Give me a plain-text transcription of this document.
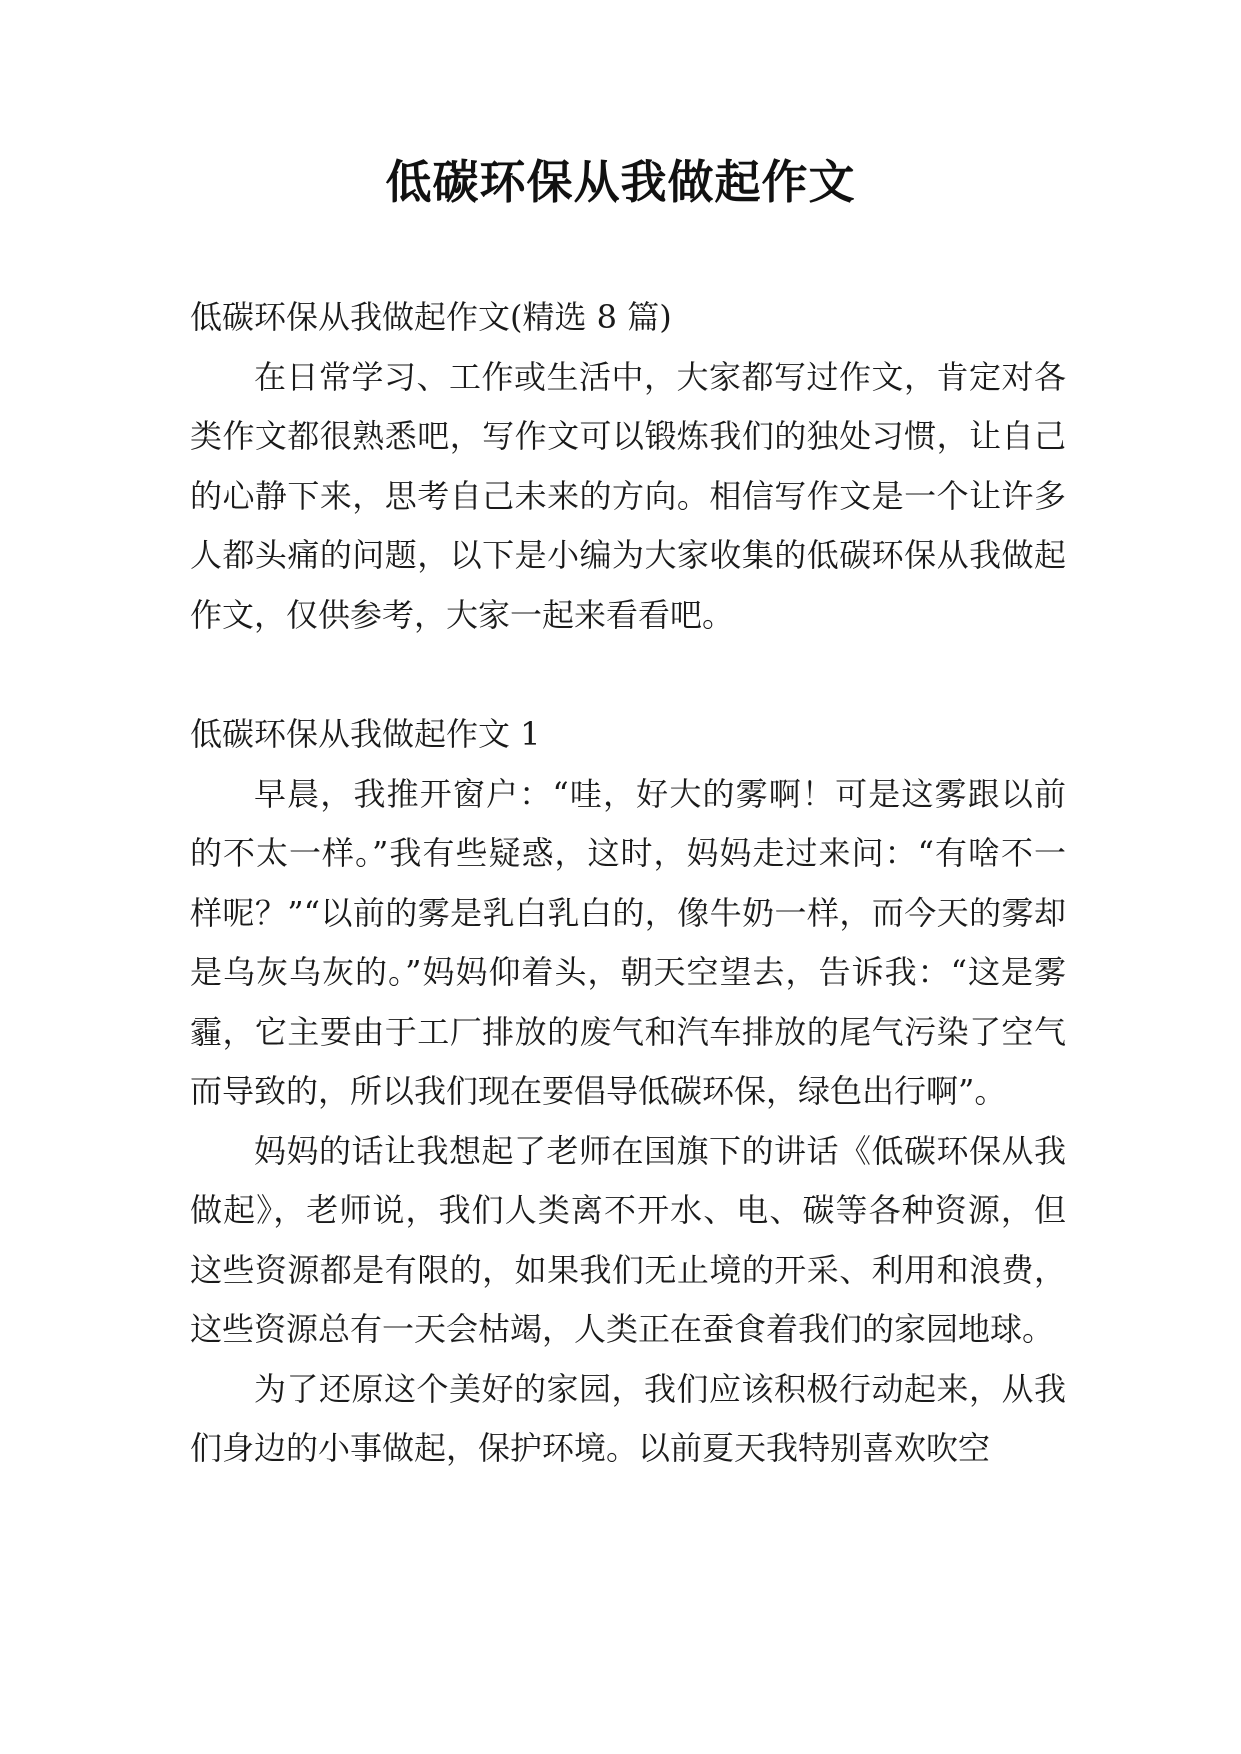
低碳环保从我做起作文

低碳环保从我做起作文(精选 8 篇)

在日常学习、工作或生活中，大家都写过作文，肯定对各类作文都很熟悉吧，写作文可以锻炼我们的独处习惯，让自己的心静下来，思考自己未来的方向。相信写作文是一个让许多人都头痛的问题，以下是小编为大家收集的低碳环保从我做起作文，仅供参考，大家一起来看看吧。

低碳环保从我做起作文 1

早晨，我推开窗户：“哇，好大的雾啊！可是这雾跟以前的不太一样。”我有些疑惑，这时，妈妈走过来问：“有啥不一样呢？”“以前的雾是乳白乳白的，像牛奶一样，而今天的雾却是乌灰乌灰的。”妈妈仰着头，朝天空望去，告诉我：“这是雾霾，它主要由于工厂排放的废气和汽车排放的尾气污染了空气而导致的，所以我们现在要倡导低碳环保，绿色出行啊”。

妈妈的话让我想起了老师在国旗下的讲话《低碳环保从我做起》，老师说，我们人类离不开水、电、碳等各种资源，但这些资源都是有限的，如果我们无止境的开采、利用和浪费，这些资源总有一天会枯竭，人类正在蚕食着我们的家园地球。

为了还原这个美好的家园，我们应该积极行动起来，从我们身边的小事做起，保护环境。以前夏天我特别喜欢吹空
